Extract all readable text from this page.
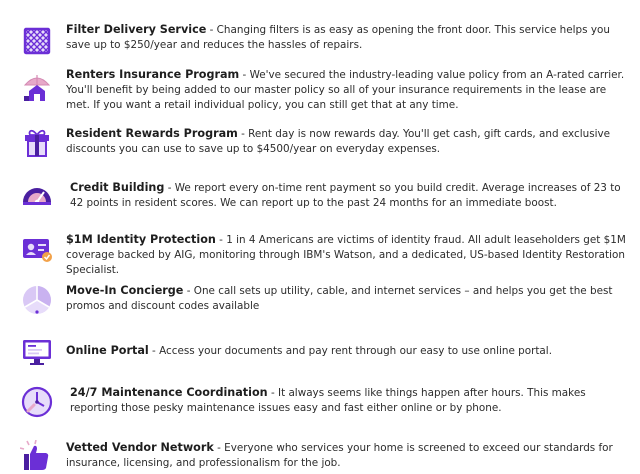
Filter Delivery Service - Changing filters is as easy as opening the front door. This service helps you save up to $250/year and reduces the hassles of repairs.
Renters Insurance Program - We've secured the industry-leading value policy from an A-rated carrier. You'll benefit by being added to our master policy so all of your insurance requirements in the lease are met. If you want a retail individual policy, you can still get that at any time.
Resident Rewards Program - Rent day is now rewards day. You'll get cash, gift cards, and exclusive discounts you can use to save up to $4500/year on everyday expenses.
Credit Building - We report every on-time rent payment so you build credit. Average increases of 23 to 42 points in resident scores. We can report up to the past 24 months for an immediate boost.
$1M Identity Protection - 1 in 4 Americans are victims of identity fraud. All adult leaseholders get $1M coverage backed by AIG, monitoring through IBM's Watson, and a dedicated, US-based Identity Restoration Specialist.
Move-In Concierge - One call sets up utility, cable, and internet services – and helps you get the best promos and discount codes available
Online Portal - Access your documents and pay rent through our easy to use online portal.
24/7 Maintenance Coordination - It always seems like things happen after hours. This makes reporting those pesky maintenance issues easy and fast either online or by phone.
Vetted Vendor Network - Everyone who services your home is screened to exceed our standards for insurance, licensing, and professionalism for the job.
